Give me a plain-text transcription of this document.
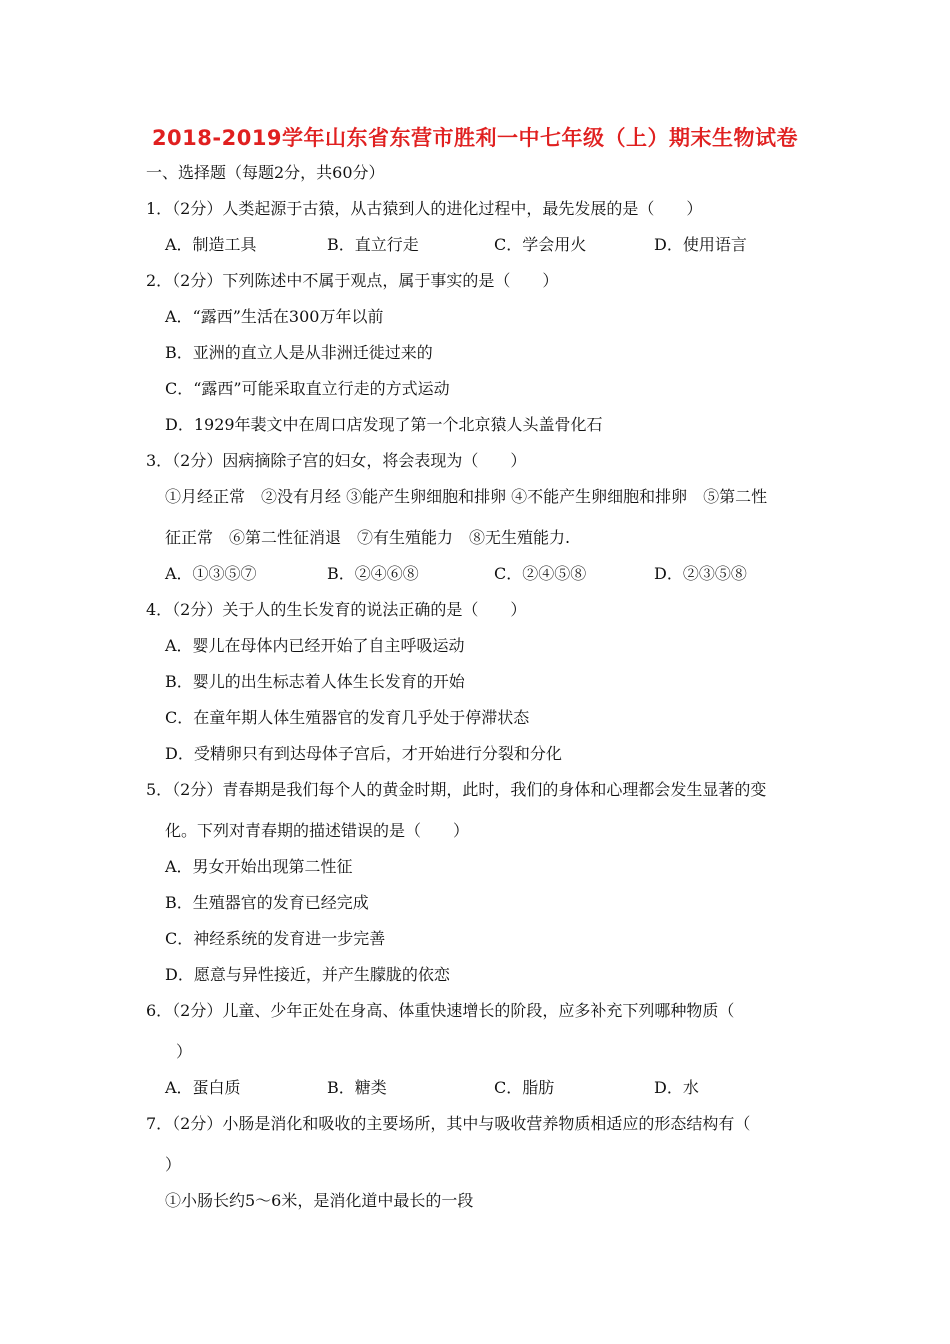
2018-2019学年山东省东营市胜利一中七年级（上）期末生物试卷
一、选择题（每题2分，共60分）
1．（2分）人类起源于古猿，从古猿到人的进化过程中，最先发展的是（　　）
A．制造工具	B．直立行走	C．学会用火	D．使用语言
2．（2分）下列陈述中不属于观点，属于事实的是（　　）
A．“露西”生活在300万年以前
B．亚洲的直立人是从非洲迁徙过来的
C．“露西”可能采取直立行走的方式运动
D．1929年裴文中在周口店发现了第一个北京猿人头盖骨化石
3．（2分）因病摘除子宫的妇女，将会表现为（　　）
①月经正常　②没有月经 ③能产生卵细胞和排卵 ④不能产生卵细胞和排卵　⑤第二性
征正常　⑥第二性征消退　⑦有生殖能力　⑧无生殖能力.
A．①③⑤⑦	B．②④⑥⑧	C．②④⑤⑧	D．②③⑤⑧
4．（2分）关于人的生长发育的说法正确的是（　　）
A．婴儿在母体内已经开始了自主呼吸运动
B．婴儿的出生标志着人体生长发育的开始
C．在童年期人体生殖器官的发育几乎处于停滞状态
D．受精卵只有到达母体子宫后，才开始进行分裂和分化
5．（2分）青春期是我们每个人的黄金时期，此时，我们的身体和心理都会发生显著的变
化。下列对青春期的描述错误的是（　　）
A．男女开始出现第二性征
B．生殖器官的发育已经完成
C．神经系统的发育进一步完善
D．愿意与异性接近，并产生朦胧的依恋
6．（2分）儿童、少年正处在身高、体重快速增长的阶段，应多补充下列哪种物质（
）
A．蛋白质	B．糖类	C．脂肪	D．水
7．（2分）小肠是消化和吸收的主要场所，其中与吸收营养物质相适应的形态结构有（
）
①小肠长约5～6米，是消化道中最长的一段
